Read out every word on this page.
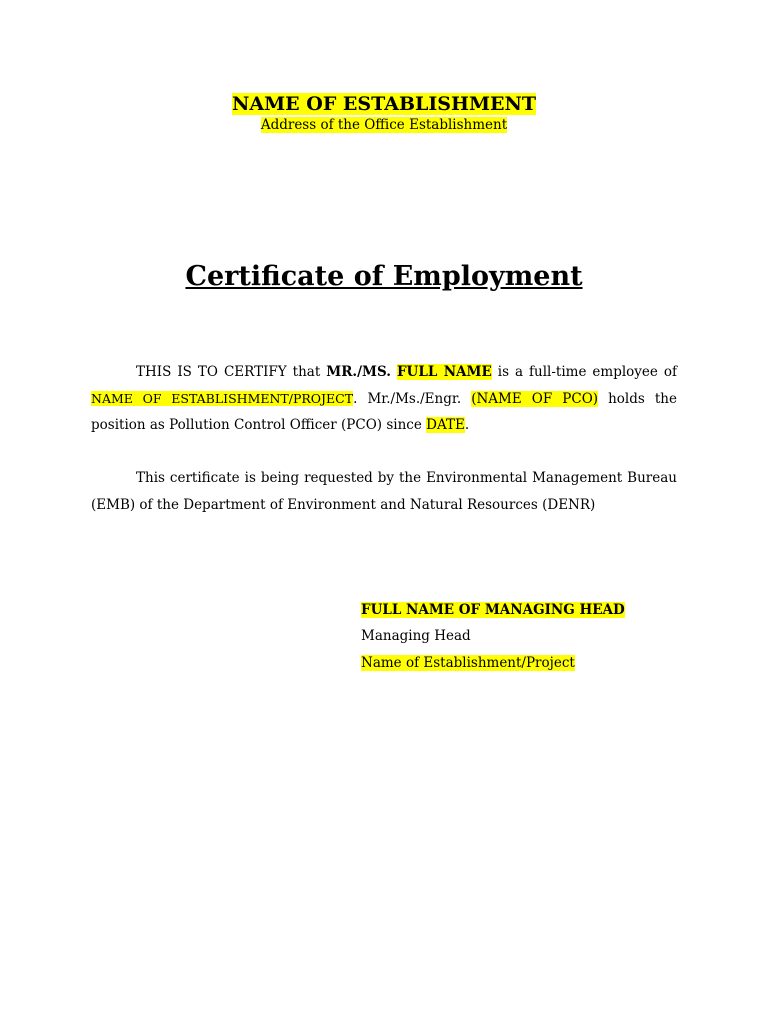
NAME OF ESTABLISHMENT
Address of the Office Establishment
Certificate of Employment

THIS IS TO CERTIFY that MR./MS. FULL NAME is a full-time employee of NAME OF ESTABLISHMENT/PROJECT. Mr./Ms./Engr. (NAME OF PCO) holds the position as Pollution Control Officer (PCO) since DATE.

This certificate is being requested by the Environmental Management Bureau (EMB) of the Department of Environment and Natural Resources (DENR)

FULL NAME OF MANAGING HEAD
Managing Head
Name of Establishment/Project
